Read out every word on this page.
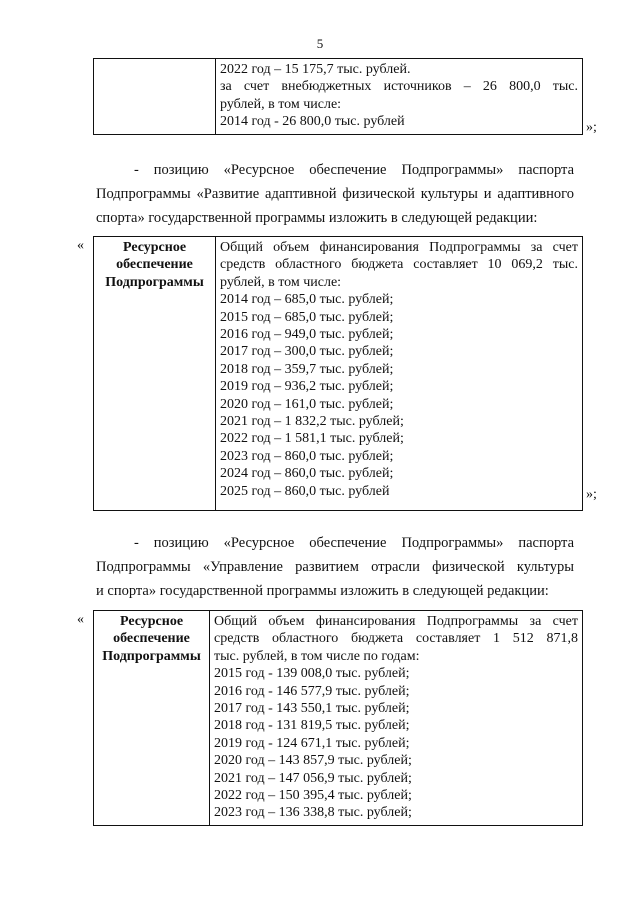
5

2022 год – 15 175,7 тыс. рублей.
за счет внебюджетных источников – 26 800,0 тыс.
рублей, в том числе:
2014 год - 26 800,0 тыс. рублей	»;
- позицию «Ресурсное обеспечение Подпрограммы» паспорта
Подпрограммы «Развитие адаптивной физической культуры и адаптивного
спорта» государственной программы изложить в следующей редакции:
«	Ресурсное
обеспечение
Подпрограммы

Общий объем финансирования Подпрограммы за счет
средств областного бюджета составляет 10 069,2 тыс.
рублей, в том числе:
2014 год – 685,0 тыс. рублей;
2015 год – 685,0 тыс. рублей;
2016 год – 949,0 тыс. рублей;
2017 год – 300,0 тыс. рублей;
2018 год – 359,7 тыс. рублей;
2019 год – 936,2 тыс. рублей;
2020 год – 161,0 тыс. рублей;
2021 год – 1 832,2 тыс. рублей;
2022 год – 1 581,1 тыс. рублей;
2023 год – 860,0 тыс. рублей;
2024 год – 860,0 тыс. рублей;
2025 год – 860,0 тыс. рублей	»;
- позицию «Ресурсное обеспечение Подпрограммы» паспорта
Подпрограммы «Управление развитием отрасли физической культуры
и спорта» государственной программы изложить в следующей редакции:
«	Ресурсное
обеспечение
Подпрограммы

Общий объем финансирования Подпрограммы за счет
средств областного бюджета составляет 1 512 871,8
тыс. рублей, в том числе по годам:
2015 год - 139 008,0 тыс. рублей;
2016 год - 146 577,9 тыс. рублей;
2017 год - 143 550,1 тыс. рублей;
2018 год - 131 819,5 тыс. рублей;
2019 год - 124 671,1 тыс. рублей;
2020 год – 143 857,9 тыс. рублей;
2021 год – 147 056,9 тыс. рублей;
2022 год – 150 395,4 тыс. рублей;
2023 год – 136 338,8 тыс. рублей;
